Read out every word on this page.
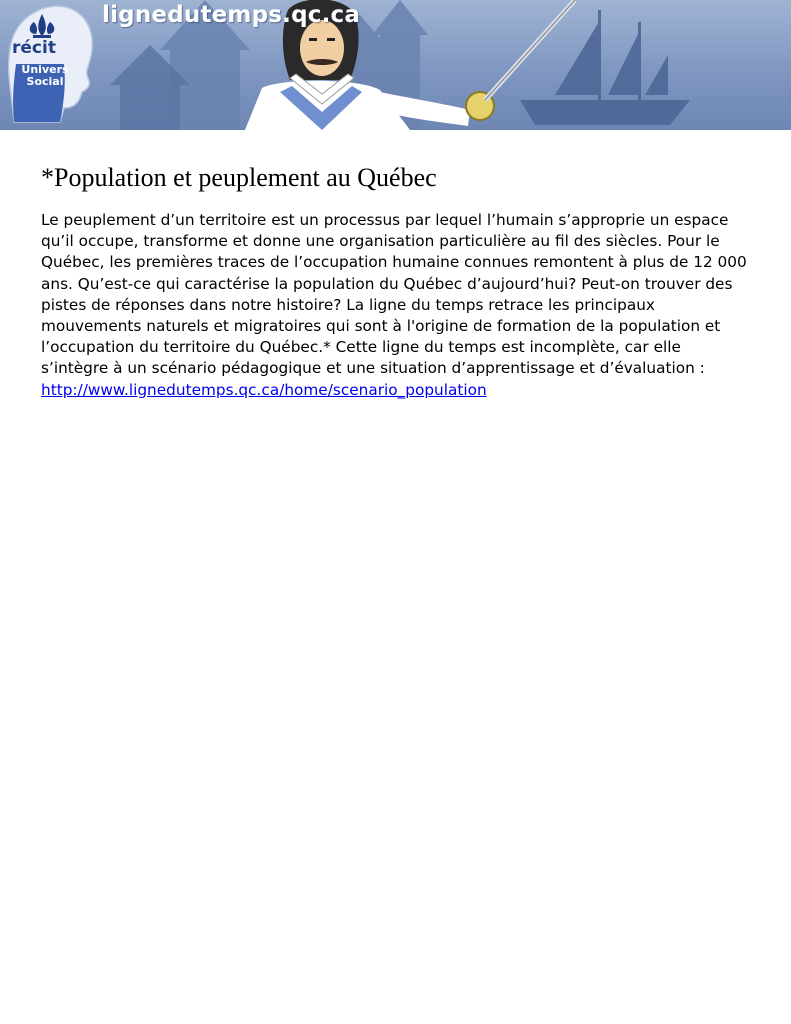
récit
Univers
Social
lignedutemps.qc.ca
*Population et peuplement au Québec

Le peuplement d’un territoire est un processus par lequel l’humain s’approprie un espace qu’il occupe, transforme et donne une organisation particulière au fil des siècles. Pour le Québec, les premières traces de l’occupation humaine connues remontent à plus de 12 000 ans. Qu’est-ce qui caractérise la population du Québec d’aujourd’hui? Peut-on trouver des pistes de réponses dans notre histoire? La ligne du temps retrace les principaux mouvements naturels et migratoires qui sont à l'origine de formation de la population et l’occupation du territoire du Québec.* Cette ligne du temps est incomplète, car elle s’intègre à un scénario pédagogique et une situation d’apprentissage et d’évaluation : http://www.lignedutemps.qc.ca/home/scenario_population
